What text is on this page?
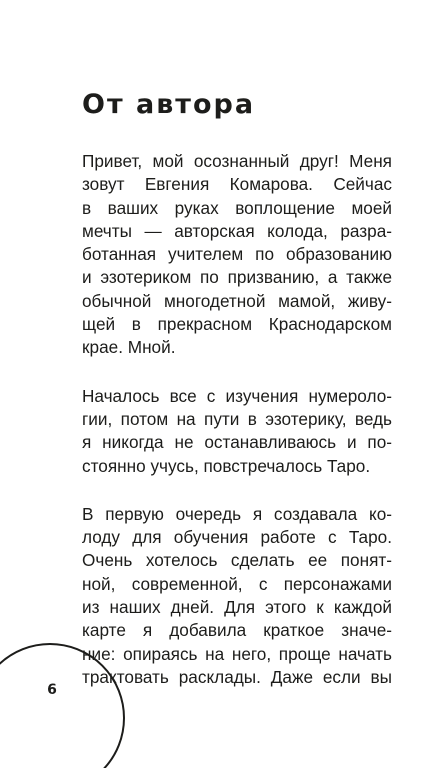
От автора

Привет, мой осознанный друг! Меня
зовут Евгения Комарова. Сейчас
в ваших руках воплощение моей
мечты — авторская колода, разра-
ботанная учителем по образованию
и эзотериком по призванию, а также
обычной многодетной мамой, живу-
щей в прекрасном Краснодарском
крае. Мной.

Началось все с изучения нумероло-
гии, потом на пути в эзотерику, ведь
я никогда не останавливаюсь и по-
стоянно учусь, повстречалось Таро.

В первую очередь я создавала ко-
лоду для обучения работе с Таро.
Очень хотелось сделать ее понят-
ной, современной, с персонажами
из наших дней. Для этого к каждой
карте я добавила краткое значе-
ние: опираясь на него, проще начать
трактовать расклады. Даже если вы

6
